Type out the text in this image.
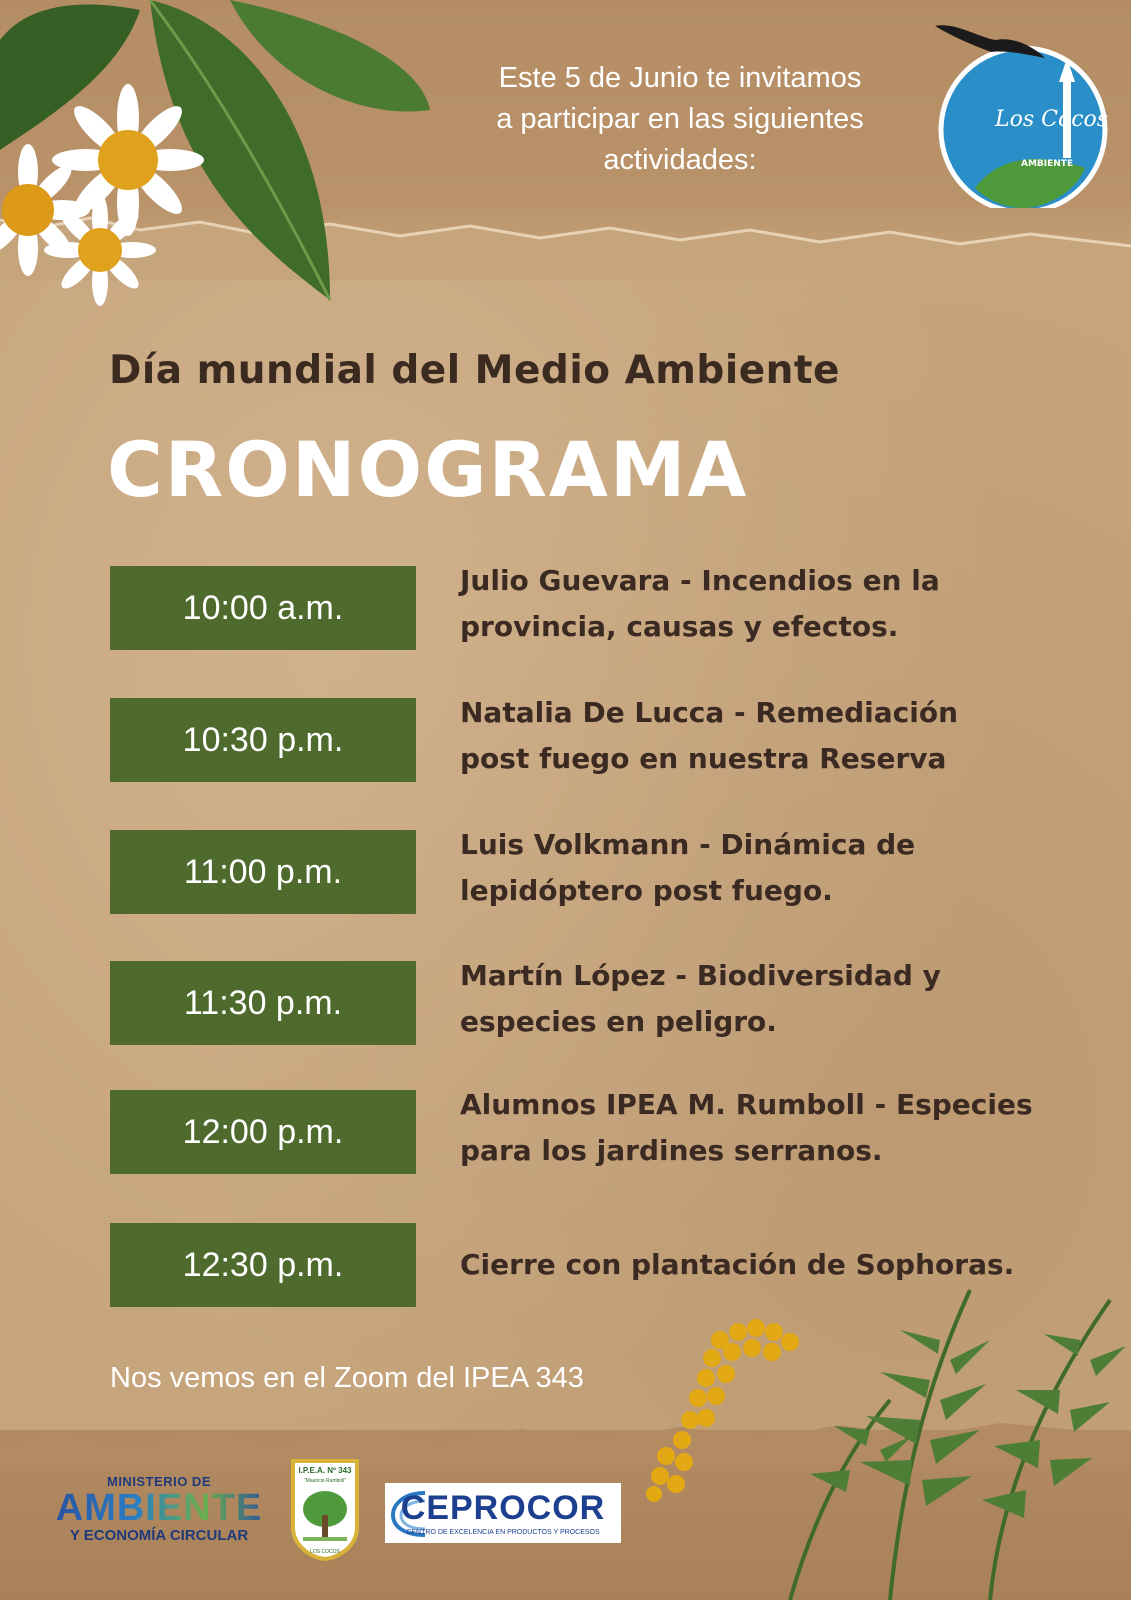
Este 5 de Junio te invitamos
a participar en las siguientes
actividades:
Los Cocos
AMBIENTE
Día mundial del Medio Ambiente
CRONOGRAMA
10:00 a.m.
Julio Guevara - Incendios en la
provincia, causas y efectos.
10:30 p.m.
Natalia De Lucca - Remediación
post fuego en nuestra Reserva
11:00 p.m.
Luis Volkmann - Dinámica de
lepidóptero post fuego.
11:30 p.m.
Martín López - Biodiversidad y
especies en peligro.
12:00 p.m.
Alumnos IPEA M. Rumboll - Especies
para los jardines serranos.
12:30 p.m.	Cierre con plantación de Sophoras.
Nos vemos en el Zoom del IPEA 343
MINISTERIO DE
AMBIENTE
Y ECONOMÍA CIRCULAR
I.P.E.A. Nº 343
"Mauricio Rumboll"
LOS COCOS
CEPROCOR
CENTRO DE EXCELENCIA EN PRODUCTOS Y PROCESOS
